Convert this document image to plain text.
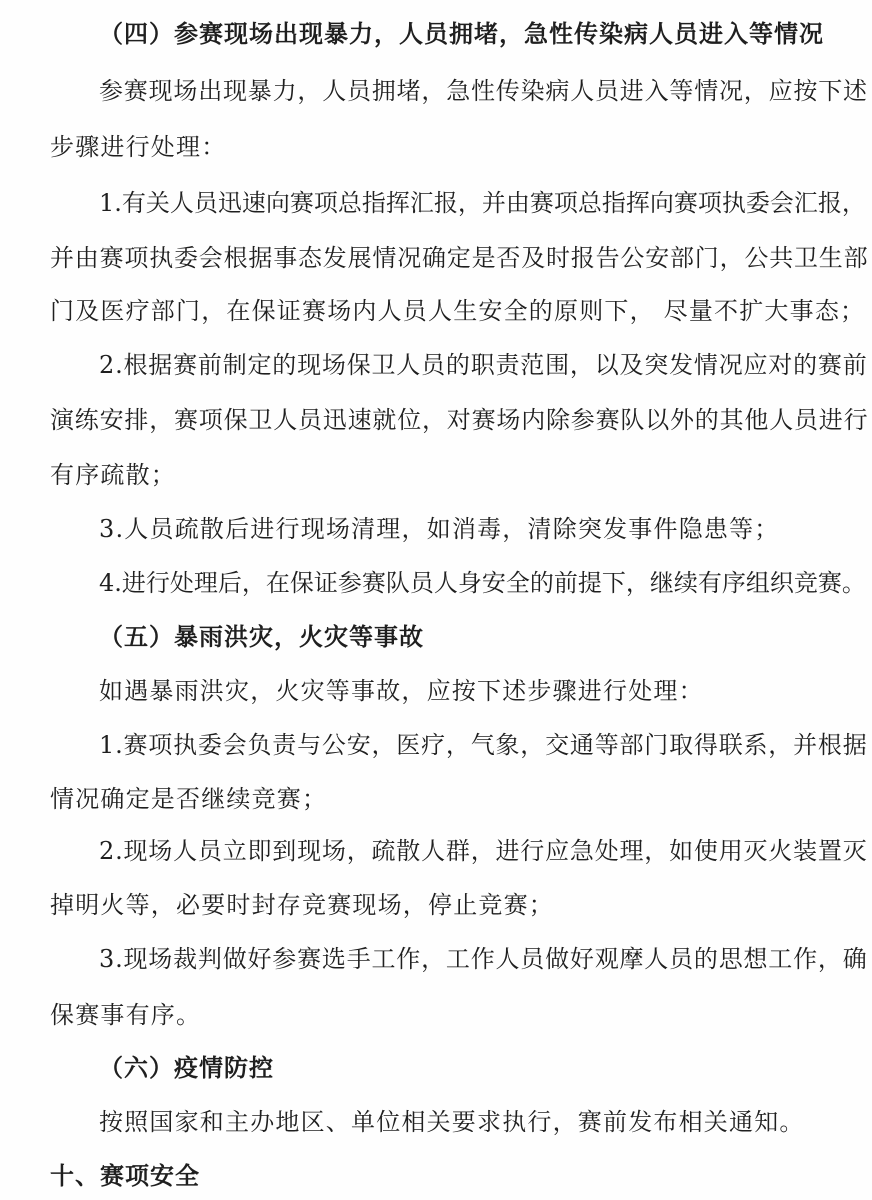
（四）参赛现场出现暴力，人员拥堵，急性传染病人员进入等情况
参赛现场出现暴力，人员拥堵，急性传染病人员进入等情况，应按下述
步骤进行处理：
1.有关人员迅速向赛项总指挥汇报，并由赛项总指挥向赛项执委会汇报，
并由赛项执委会根据事态发展情况确定是否及时报告公安部门，公共卫生部
门及医疗部门，在保证赛场内人员人生安全的原则下， 尽量不扩大事态；
2.根据赛前制定的现场保卫人员的职责范围，以及突发情况应对的赛前
演练安排，赛项保卫人员迅速就位，对赛场内除参赛队以外的其他人员进行
有序疏散；
3.人员疏散后进行现场清理，如消毒，清除突发事件隐患等；
4.进行处理后，在保证参赛队员人身安全的前提下，继续有序组织竞赛。
（五）暴雨洪灾，火灾等事故
如遇暴雨洪灾，火灾等事故，应按下述步骤进行处理：
1.赛项执委会负责与公安，医疗，气象，交通等部门取得联系，并根据
情况确定是否继续竞赛；
2.现场人员立即到现场，疏散人群，进行应急处理，如使用灭火装置灭
掉明火等，必要时封存竞赛现场，停止竞赛；
3.现场裁判做好参赛选手工作，工作人员做好观摩人员的思想工作，确
保赛事有序。
（六）疫情防控
按照国家和主办地区、单位相关要求执行，赛前发布相关通知。
十、赛项安全
